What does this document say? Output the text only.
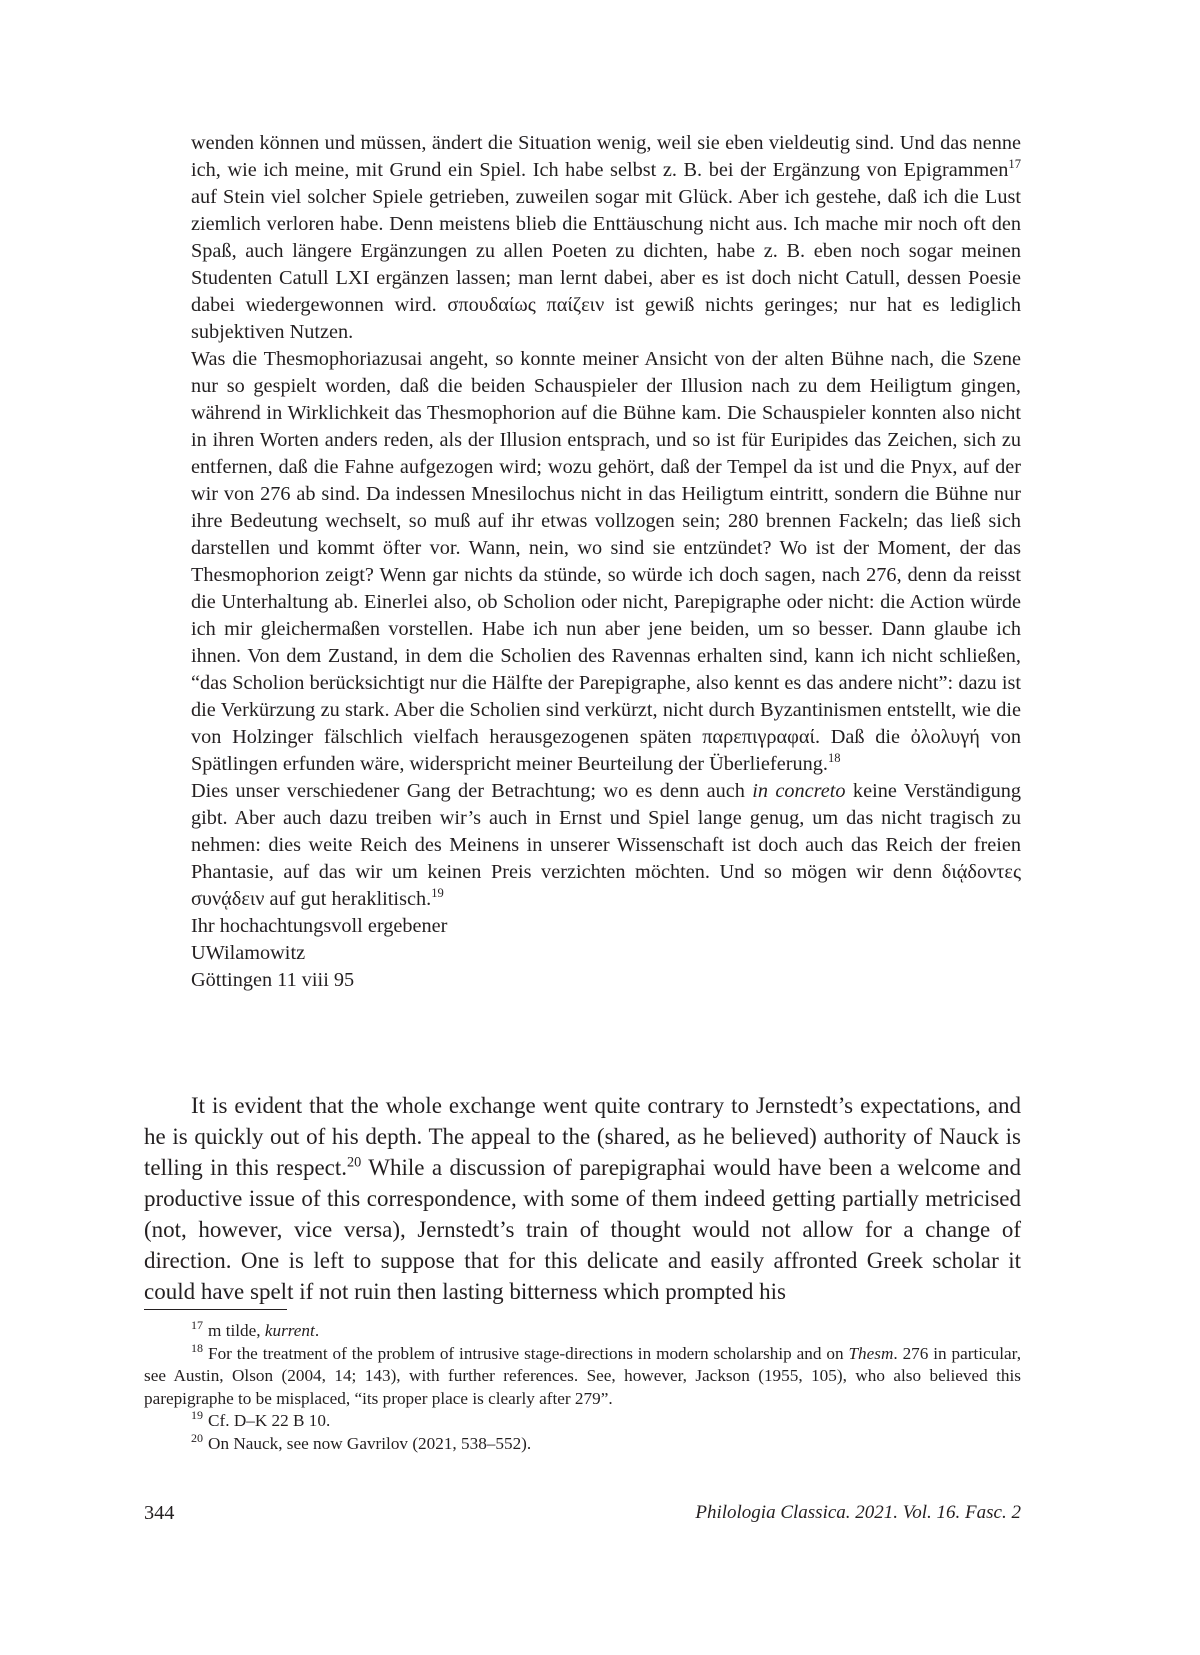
wenden können und müssen, ändert die Situation wenig, weil sie eben vieldeutig sind. Und das nenne ich, wie ich meine, mit Grund ein Spiel. Ich habe selbst z. B. bei der Ergänzung von Epigrammen$^{17}$ auf Stein viel solcher Spiele getrieben, zuweilen sogar mit Glück. Aber ich gestehe, daß ich die Lust ziemlich verloren habe. Denn meistens blieb die Enttäuschung nicht aus. Ich mache mir noch oft den Spaß, auch längere Ergänzungen zu allen Poeten zu dichten, habe z. B. eben noch sogar meinen Studenten Catull LXI ergänzen lassen; man lernt dabei, aber es ist doch nicht Catull, dessen Poesie dabei wiedergewonnen wird. σπουδαίως παίζειν ist gewiß nichts geringes; nur hat es lediglich subjektiven Nutzen.
Was die Thesmophoriazusai angeht, so konnte meiner Ansicht von der alten Bühne nach, die Szene nur so gespielt worden, daß die beiden Schauspieler der Illusion nach zu dem Heiligtum gingen, während in Wirklichkeit das Thesmophorion auf die Bühne kam. Die Schauspieler konnten also nicht in ihren Worten anders reden, als der Illusion entsprach, und so ist für Euripides das Zeichen, sich zu entfernen, daß die Fahne aufgezogen wird; wozu gehört, daß der Tempel da ist und die Pnyx, auf der wir von 276 ab sind. Da indessen Mnesilochus nicht in das Heiligtum eintritt, sondern die Bühne nur ihre Bedeutung wechselt, so muß auf ihr etwas vollzogen sein; 280 brennen Fackeln; das ließ sich darstellen und kommt öfter vor. Wann, nein, wo sind sie entzündet? Wo ist der Moment, der das Thesmophorion zeigt? Wenn gar nichts da stünde, so würde ich doch sagen, nach 276, denn da reisst die Unterhaltung ab. Einerlei also, ob Scholion oder nicht, Parepigraphe oder nicht: die Action würde ich mir gleichermaßen vorstellen. Habe ich nun aber jene beiden, um so besser. Dann glaube ich ihnen. Von dem Zustand, in dem die Scholien des Ravennas erhalten sind, kann ich nicht schließen, “das Scholion berücksichtigt nur die Hälfte der Parepigraphe, also kennt es das andere nicht”: dazu ist die Verkürzung zu stark. Aber die Scholien sind verkürzt, nicht durch Byzantinismen entstellt, wie die von Holzinger fälschlich vielfach herausgezogenen späten παρεπιγραφαί. Daß die ὀλολυγή von Spätlingen erfunden wäre, widerspricht meiner Beurteilung der Überlieferung.$^{18}$
Dies unser verschiedener Gang der Betrachtung; wo es denn auch in concreto keine Verständigung gibt. Aber auch dazu treiben wir’s auch in Ernst und Spiel lange genug, um das nicht tragisch zu nehmen: dies weite Reich des Meinens in unserer Wissenschaft ist doch auch das Reich der freien Phantasie, auf das wir um keinen Preis verzichten möchten. Und so mögen wir denn διᾴδοντες συνᾴδειν auf gut heraklitisch.$^{19}$
Ihr hochachtungsvoll ergebener
UWilamowitz
Göttingen 11 viii 95
It is evident that the whole exchange went quite contrary to Jernstedt’s expectations, and he is quickly out of his depth. The appeal to the (shared, as he believed) authority of Nauck is telling in this respect.$^{20}$ While a discussion of parepigraphai would have been a welcome and productive issue of this correspondence, with some of them indeed getting partially metricised (not, however, vice versa), Jernstedt’s train of thought would not allow for a change of direction. One is left to suppose that for this delicate and easily affronted Greek scholar it could have spelt if not ruin then lasting bitterness which prompted his
$^{17}$ m tilde, kurrent.
$^{18}$ For the treatment of the problem of intrusive stage-directions in modern scholarship and on Thesm. 276 in particular, see Austin, Olson (2004, 14; 143), with further references. See, however, Jackson (1955, 105), who also believed this parepigraphe to be misplaced, “its proper place is clearly after 279”.
$^{19}$ Cf. D–K 22 B 10.
$^{20}$ On Nauck, see now Gavrilov (2021, 538–552).
344	Philologia Classica. 2021. Vol. 16. Fasc. 2
